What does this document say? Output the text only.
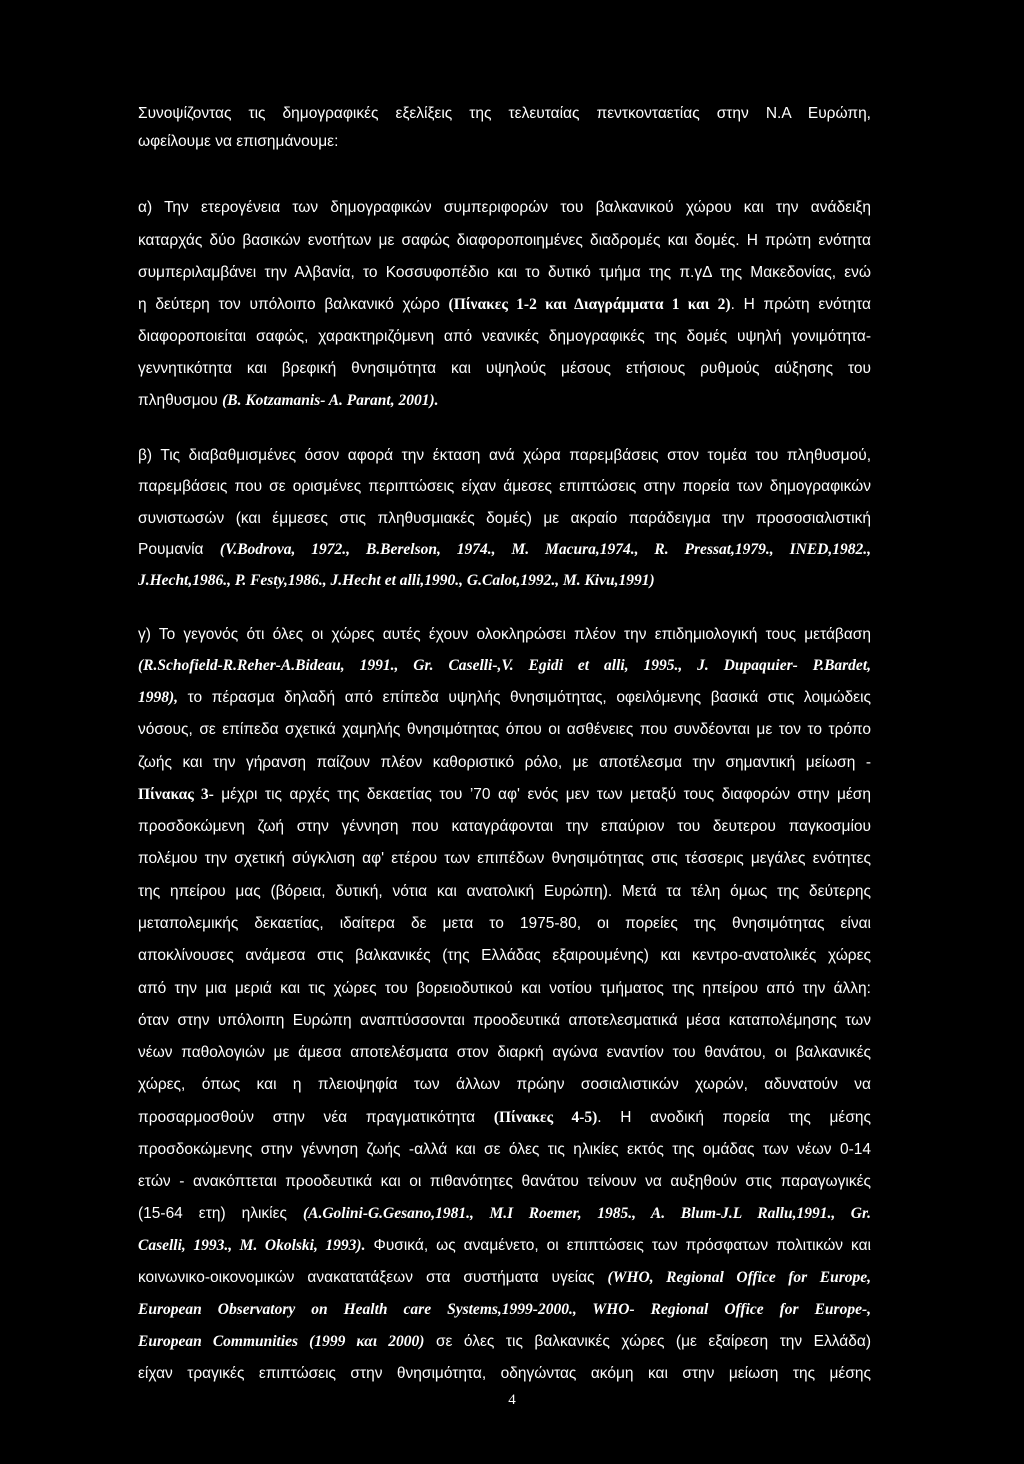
Συνοψίζοντας τις δημογραφικές εξελίξεις της τελευταίας πεντκονταετίας στην Ν.Α Ευρώπη,
ωφείλουμε να επισημάνουμε:
α) Την ετερογένεια των δημογραφικών συμπεριφορών του βαλκανικού χώρου και την ανάδειξη
καταρχάς δύο βασικών ενοτήτων με σαφώς διαφοροποιημένες διαδρομές και δομές. Η πρώτη ενότητα
συμπεριλαμβάνει την Αλβανία, το Κοσσυφοπέδιο και το δυτικό τμήμα της π.γΔ της Μακεδονίας, ενώ
η δεύτερη τον υπόλοιπο βαλκανικό χώρο (Πίνακες 1-2 και Διαγράμματα 1 και 2). Η πρώτη ενότητα
διαφοροποιείται σαφώς, χαρακτηριζόμενη από νεανικές δημογραφικές της δομές υψηλή γονιμότητα-
γεννητικότητα και βρεφική θνησιμότητα και υψηλούς μέσους ετήσιους ρυθμούς αύξησης του
πληθυσμου (B. Kotzamanis- A. Parant, 2001).
β) Τις διαβαθμισμένες όσον αφορά την έκταση ανά χώρα παρεμβάσεις στον τομέα του πληθυσμού,
παρεμβάσεις που σε ορισμένες περιπτώσεις είχαν άμεσες επιπτώσεις στην πορεία των δημογραφικών
συνιστωσών (και έμμεσες στις πληθυσμιακές δομές) με ακραίο παράδειγμα την προσοσιαλιστική
Ρουμανία (V.Bodrova, 1972., B.Berelson, 1974., M. Macura,1974., R. Pressat,1979., INED,1982.,
J.Hecht,1986., P. Festy,1986., J.Hecht et alli,1990., G.Calot,1992., M. Kivu,1991)
γ) Το γεγονός ότι όλες οι χώρες αυτές έχουν ολοκληρώσει πλέον την επιδημιολογική τους μετάβαση
(R.Schofield-R.Reher-A.Bideau, 1991., Gr. Caselli-,V. Egidi et alli, 1995., J. Dupaquier- P.Bardet,
1998), το πέρασμα δηλαδή από επίπεδα υψηλής θνησιμότητας, οφειλόμενης βασικά στις λοιμώδεις
νόσους, σε επίπεδα σχετικά χαμηλής θνησιμότητας όπου οι ασθένειες που συνδέονται με τον το τρόπο
ζωής και την γήρανση παίζουν πλέον καθοριστικό ρόλο, με αποτέλεσμα την σημαντική μείωση -
Πίνακας 3- μέχρι τις αρχές της δεκαετίας του ’70 αφ' ενός μεν των μεταξύ τους διαφορών στην μέση
προσδοκώμενη ζωή στην γέννηση που καταγράφονται την επαύριον του δευτερου παγκοσμίου
πολέμου την σχετική σύγκλιση αφ' ετέρου των επιπέδων θνησιμότητας στις τέσσερις μεγάλες ενότητες
της ηπείρου μας (βόρεια, δυτική, νότια και ανατολική Ευρώπη). Μετά τα τέλη όμως της δεύτερης
μεταπολεμικής δεκαετίας, ιδαίτερα δε μετα το 1975-80, οι πορείες της θνησιμότητας είναι
αποκλίνουσες ανάμεσα στις βαλκανικές (της Ελλάδας εξαιρουμένης) και κεντρο-ανατολικές χώρες
από την μια μεριά και τις χώρες του βορειοδυτικού και νοτίου τμήματος της ηπείρου από την άλλη:
όταν στην υπόλοιπη Ευρώπη αναπτύσσονται προοδευτικά αποτελεσματικά μέσα καταπολέμησης των
νέων παθολογιών με άμεσα αποτελέσματα στον διαρκή αγώνα εναντίον του θανάτου, οι βαλκανικές
χώρες, όπως και η πλειοψηφία των άλλων πρώην σοσιαλιστικών χωρών, αδυνατούν να
προσαρμοσθούν στην νέα πραγματικότητα (Πίνακες 4-5). Η ανοδική πορεία της μέσης
προσδοκώμενης στην γέννηση ζωής -αλλά και σε όλες τις ηλικίες εκτός της ομάδας των νέων 0-14
ετών - ανακόπτεται προοδευτικά και οι πιθανότητες θανάτου τείνουν να αυξηθούν στις παραγωγικές
(15-64 ετη) ηλικίες (A.Golini-G.Gesano,1981., M.I Roemer, 1985., A. Blum-J.L Rallu,1991., Gr.
Caselli, 1993., M. Okolski, 1993). Φυσικά, ως αναμένετο, οι επιπτώσεις των πρόσφατων πολιτικών και
κοινωνικο-οικονομικών ανακατατάξεων στα συστήματα υγείας (WHO, Regional Office for Europe,
European Observatory on Health care Systems,1999-2000., WHO- Regional Office for Europe-,
European Communities (1999 και 2000) σε όλες τις βαλκανικές χώρες (με εξαίρεση την Ελλάδα)
είχαν τραγικές επιπτώσεις στην θνησιμότητα, οδηγώντας ακόμη και στην μείωση της μέσης
4
